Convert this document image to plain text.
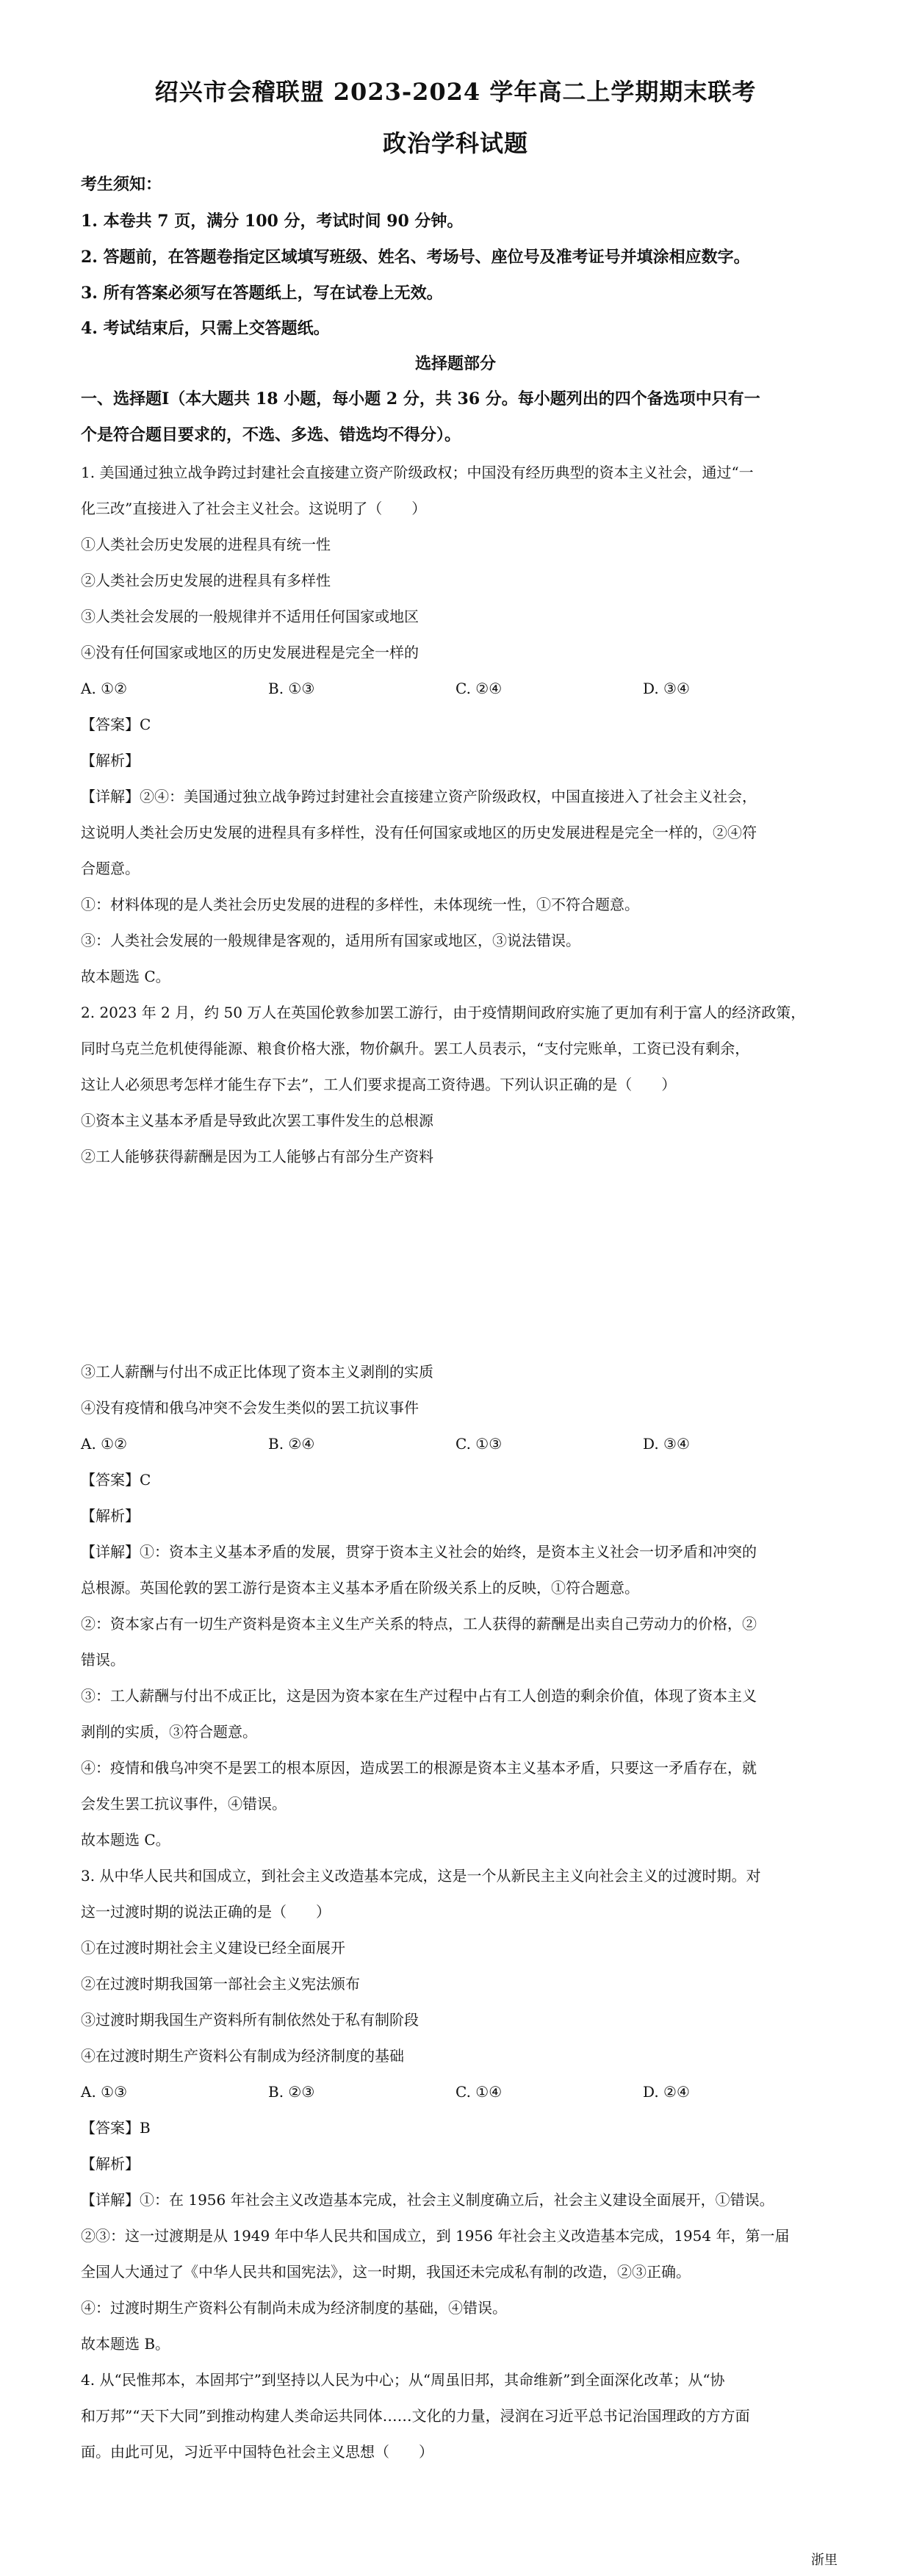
绍兴市会稽联盟 2023-2024 学年高二上学期期末联考
政治学科试题
考生须知：
1. 本卷共 7 页，满分 100 分，考试时间 90 分钟。
2. 答题前，在答题卷指定区域填写班级、姓名、考场号、座位号及准考证号并填涂相应数字。
3. 所有答案必须写在答题纸上，写在试卷上无效。
4. 考试结束后，只需上交答题纸。
选择题部分
一、选择题Ⅰ（本大题共 18 小题，每小题 2 分，共 36 分。每小题列出的四个备选项中只有一
个是符合题目要求的，不选、多选、错选均不得分）。
1. 美国通过独立战争跨过封建社会直接建立资产阶级政权；中国没有经历典型的资本主义社会，通过“一
化三改”直接进入了社会主义社会。这说明了（　　）
①人类社会历史发展的进程具有统一性
②人类社会历史发展的进程具有多样性
③人类社会发展的一般规律并不适用任何国家或地区
④没有任何国家或地区的历史发展进程是完全一样的
A. ①②	B. ①③	C. ②④	D. ③④
【答案】C
【解析】
【详解】②④：美国通过独立战争跨过封建社会直接建立资产阶级政权，中国直接进入了社会主义社会，
这说明人类社会历史发展的进程具有多样性，没有任何国家或地区的历史发展进程是完全一样的，②④符
合题意。
①：材料体现的是人类社会历史发展的进程的多样性，未体现统一性，①不符合题意。
③：人类社会发展的一般规律是客观的，适用所有国家或地区，③说法错误。
故本题选 C。
2. 2023 年 2 月，约 50 万人在英国伦敦参加罢工游行，由于疫情期间政府实施了更加有利于富人的经济政策，
同时乌克兰危机使得能源、粮食价格大涨，物价飙升。罢工人员表示，“支付完账单，工资已没有剩余，
这让人必须思考怎样才能生存下去”，工人们要求提高工资待遇。下列认识正确的是（　　）
①资本主义基本矛盾是导致此次罢工事件发生的总根源
②工人能够获得薪酬是因为工人能够占有部分生产资料
③工人薪酬与付出不成正比体现了资本主义剥削的实质
④没有疫情和俄乌冲突不会发生类似的罢工抗议事件
A. ①②	B. ②④	C. ①③	D. ③④
【答案】C
【解析】
【详解】①：资本主义基本矛盾的发展，贯穿于资本主义社会的始终，是资本主义社会一切矛盾和冲突的
总根源。英国伦敦的罢工游行是资本主义基本矛盾在阶级关系上的反映，①符合题意。
②：资本家占有一切生产资料是资本主义生产关系的特点，工人获得的薪酬是出卖自己劳动力的价格，②
错误。
③：工人薪酬与付出不成正比，这是因为资本家在生产过程中占有工人创造的剩余价值，体现了资本主义
剥削的实质，③符合题意。
④：疫情和俄乌冲突不是罢工的根本原因，造成罢工的根源是资本主义基本矛盾，只要这一矛盾存在，就
会发生罢工抗议事件，④错误。
故本题选 C。
3. 从中华人民共和国成立，到社会主义改造基本完成，这是一个从新民主主义向社会主义的过渡时期。对
这一过渡时期的说法正确的是（　　）
①在过渡时期社会主义建设已经全面展开
②在过渡时期我国第一部社会主义宪法颁布
③过渡时期我国生产资料所有制依然处于私有制阶段
④在过渡时期生产资料公有制成为经济制度的基础
A. ①③	B. ②③	C. ①④	D. ②④
【答案】B
【解析】
【详解】①：在 1956 年社会主义改造基本完成，社会主义制度确立后，社会主义建设全面展开，①错误。
②③：这一过渡期是从 1949 年中华人民共和国成立，到 1956 年社会主义改造基本完成，1954 年，第一届
全国人大通过了《中华人民共和国宪法》，这一时期，我国还未完成私有制的改造，②③正确。
④：过渡时期生产资料公有制尚未成为经济制度的基础，④错误。
故本题选 B。
4. 从“民惟邦本，本固邦宁”到坚持以人民为中心；从“周虽旧邦，其命维新”到全面深化改革；从“协
和万邦”“天下大同”到推动构建人类命运共同体……文化的力量，浸润在习近平总书记治国理政的方方面
面。由此可见，习近平中国特色社会主义思想（　　）
浙里
